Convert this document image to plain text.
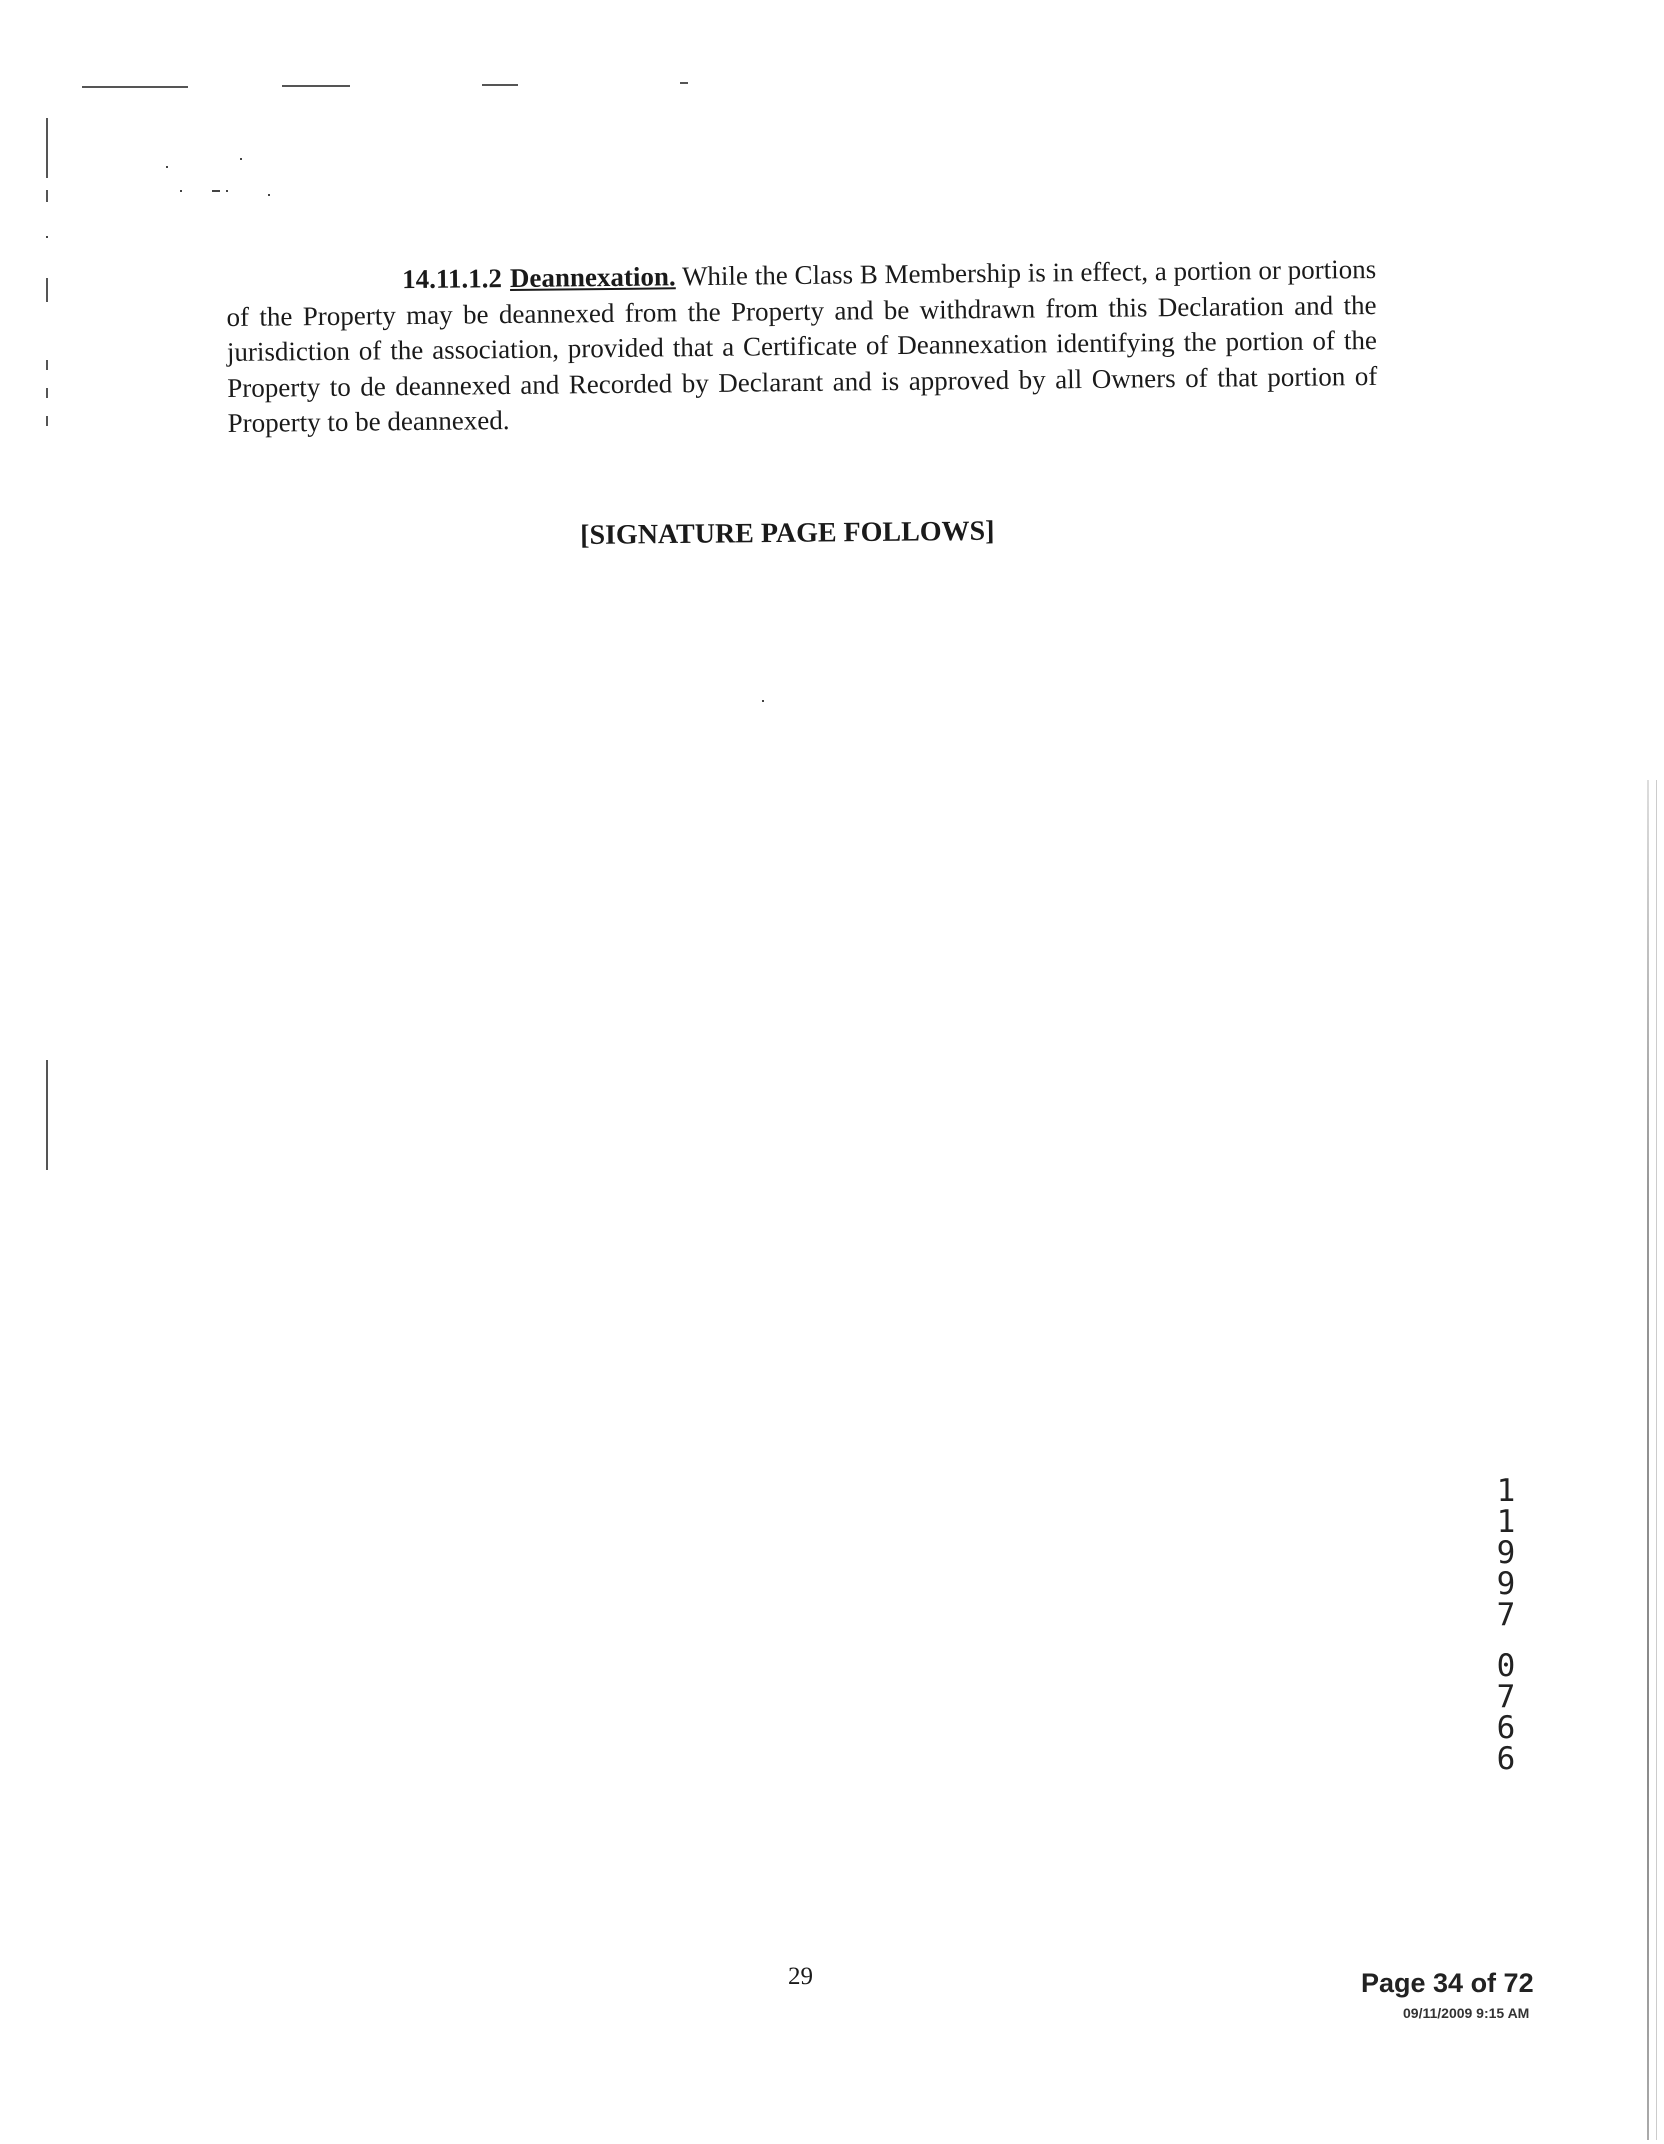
14.11.1.2 Deannexation. While the Class B Membership is in effect, a portion or portions of the Property may be deannexed from the Property and be withdrawn from this Declaration and the jurisdiction of the association, provided that a Certificate of Deannexation identifying the portion of the Property to de deannexed and Recorded by Declarant and is approved by all Owners of that portion of Property to be deannexed.
[SIGNATURE PAGE FOLLOWS]
1
1
9
9
7
0
7
6
6
29	Page 34 of 72
09/11/2009 9:15 AM
